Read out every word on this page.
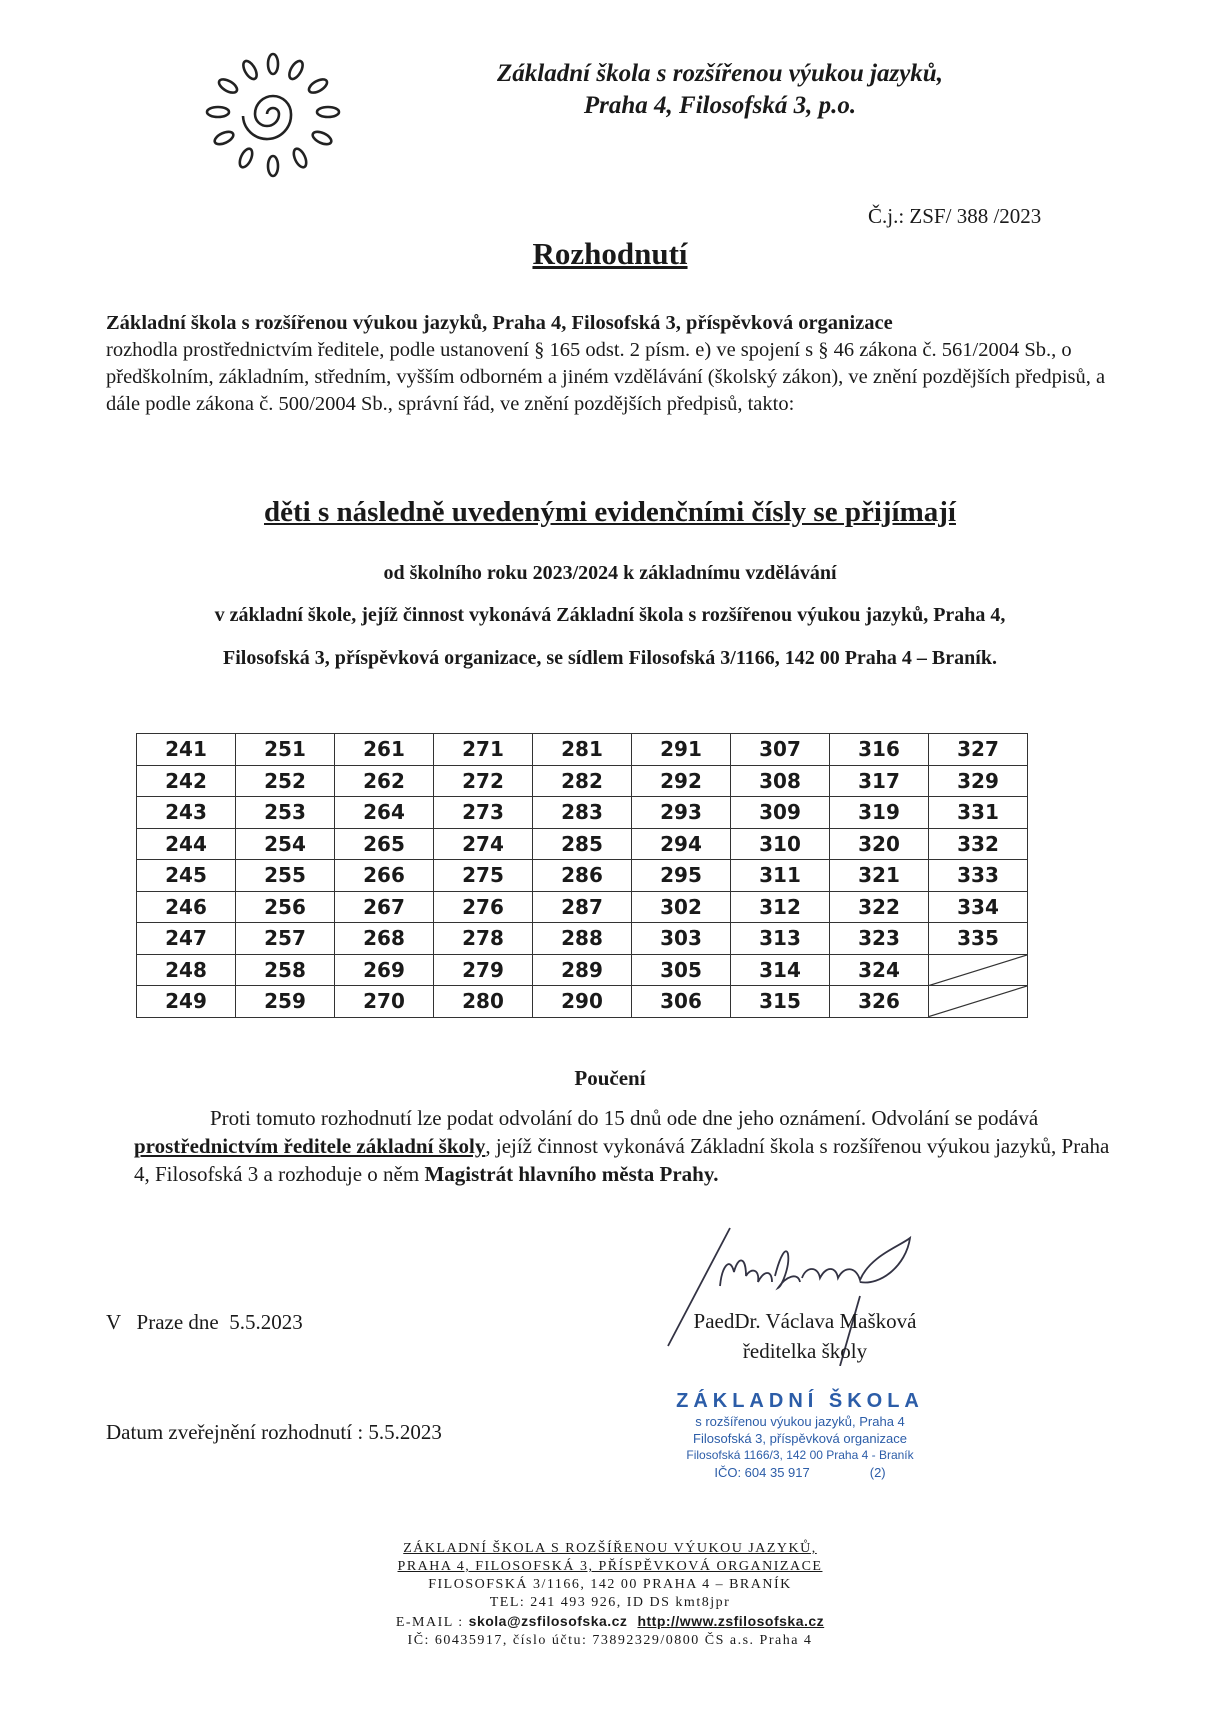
Základní škola s rozšířenou výukou jazyků,
Praha 4, Filosofská 3, p.o.
Č.j.: ZSF/ 388 /2023
Rozhodnutí
Základní škola s rozšířenou výukou jazyků, Praha 4, Filosofská 3, příspěvková organizace
rozhodla prostřednictvím ředitele, podle ustanovení § 165 odst. 2 písm. e) ve spojení s § 46 zákona č. 561/2004 Sb., o předškolním, základním, středním, vyšším odborném a jiném vzdělávání (školský zákon), ve znění pozdějších předpisů, a dále podle zákona č. 500/2004 Sb., správní řád, ve znění pozdějších předpisů, takto:
děti s následně uvedenými evidenčními čísly se přijímají
od školního roku 2023/2024 k základnímu vzdělávání
v základní škole, jejíž činnost vykonává Základní škola s rozšířenou výukou jazyků, Praha 4,
Filosofská 3, příspěvková organizace, se sídlem Filosofská 3/1166, 142 00 Praha 4 – Braník.
241	251	261	271	281	291	307	316	327
242	252	262	272	282	292	308	317	329
243	253	264	273	283	293	309	319	331
244	254	265	274	285	294	310	320	332
245	255	266	275	286	295	311	321	333
246	256	267	276	287	302	312	322	334
247	257	268	278	288	303	313	323	335
248	258	269	279	289	305	314	324	

249	259	270	280	290	306	315	326	
Poučení
Proti tomuto rozhodnutí lze podat odvolání do 15 dnů ode dne jeho oznámení. Odvolání se podává prostřednictvím ředitele základní školy, jejíž činnost vykonává Základní škola s rozšířenou výukou jazyků, Praha 4, Filosofská 3 a rozhoduje o něm Magistrát hlavního města Prahy.
V   Praze dne  5.5.2023	PaedDr. Václava Mašková
ředitelka školy
ZÁKLADNÍ ŠKOLA
s rozšířenou výukou jazyků, Praha 4
Filosofská 3, příspěvková organizace
Filosofská 1166/3, 142 00 Praha 4 - Braník
IČO: 604 35 917	(2)
Datum zveřejnění rozhodnutí : 5.5.2023
ZÁKLADNÍ ŠKOLA S ROZŠÍŘENOU VÝUKOU JAZYKŮ,
PRAHA 4, FILOSOFSKÁ 3, PŘÍSPĚVKOVÁ ORGANIZACE
FILOSOFSKÁ 3/1166, 142 00 PRAHA 4 – BRANÍK
TEL: 241 493 926, ID DS kmt8jpr
E-MAIL : skola@zsfilosofska.cz http://www.zsfilosofska.cz
IČ: 60435917, číslo účtu: 73892329/0800 ČS a.s. Praha 4
